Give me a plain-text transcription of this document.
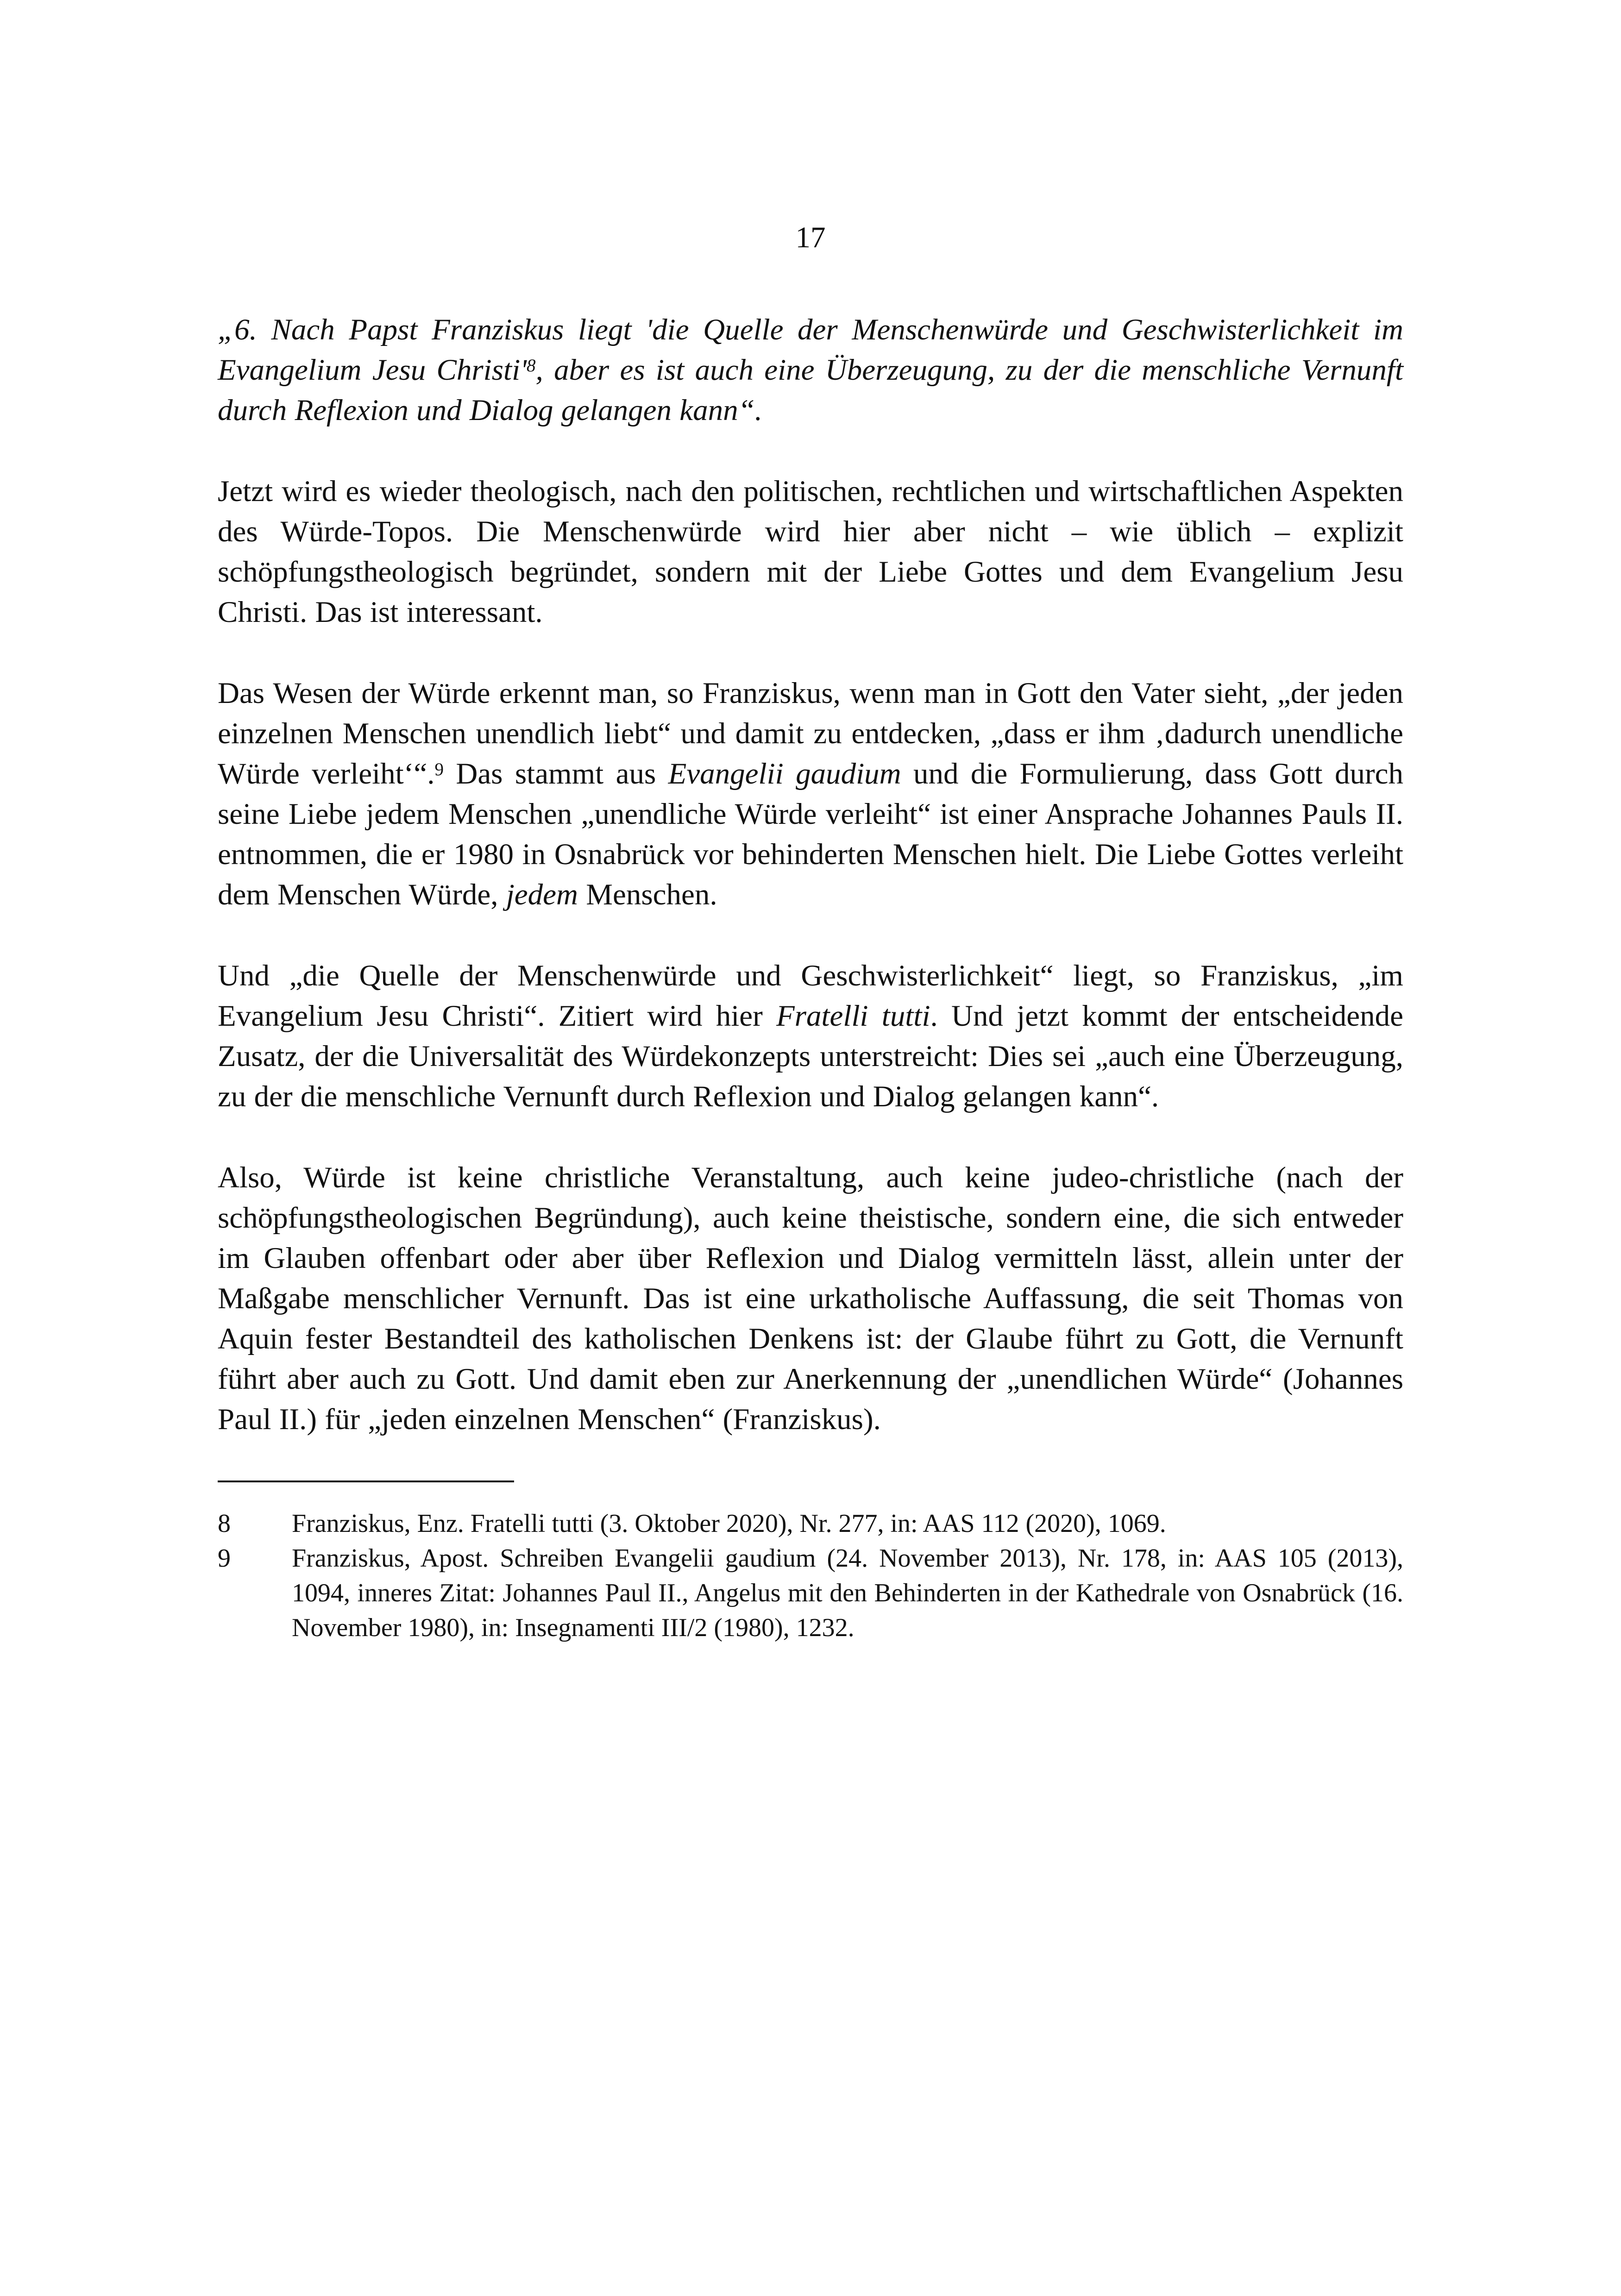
17

„6. Nach Papst Franziskus liegt 'die Quelle der Menschenwürde und Geschwisterlichkeit im Evangelium Jesu Christi'$^8$, aber es ist auch eine Überzeugung, zu der die menschliche Vernunft durch Reflexion und Dialog gelangen kann“.

Jetzt wird es wieder theologisch, nach den politischen, rechtlichen und wirtschaftlichen Aspekten des Würde-Topos. Die Menschenwürde wird hier aber nicht – wie üblich – explizit schöpfungstheologisch begründet, sondern mit der Liebe Gottes und dem Evangelium Jesu Christi. Das ist interessant.

Das Wesen der Würde erkennt man, so Franziskus, wenn man in Gott den Vater sieht, „der jeden einzelnen Menschen unendlich liebt“ und damit zu entdecken, „dass er ihm ‚dadurch unendliche Würde verleiht‘“.$^9$ Das stammt aus Evangelii gaudium und die Formulierung, dass Gott durch seine Liebe jedem Menschen „unendliche Würde verleiht“ ist einer Ansprache Johannes Pauls II. entnommen, die er 1980 in Osnabrück vor behinderten Menschen hielt. Die Liebe Gottes verleiht dem Menschen Würde, jedem Menschen.

Und „die Quelle der Menschenwürde und Geschwisterlichkeit“ liegt, so Franziskus, „im Evangelium Jesu Christi“. Zitiert wird hier Fratelli tutti. Und jetzt kommt der entscheidende Zusatz, der die Universalität des Würdekonzepts unterstreicht: Dies sei „auch eine Überzeugung, zu der die menschliche Vernunft durch Reflexion und Dialog gelangen kann“.

Also, Würde ist keine christliche Veranstaltung, auch keine judeo-christliche (nach der schöpfungstheologischen Begründung), auch keine theistische, sondern eine, die sich entweder im Glauben offenbart oder aber über Reflexion und Dialog vermitteln lässt, allein unter der Maßgabe menschlicher Vernunft. Das ist eine urkatholische Auffassung, die seit Thomas von Aquin fester Bestandteil des katholischen Denkens ist: der Glaube führt zu Gott, die Vernunft führt aber auch zu Gott. Und damit eben zur Anerkennung der „unendlichen Würde“ (Johannes Paul II.) für „jeden einzelnen Menschen“ (Franziskus).

8	Franziskus, Enz. Fratelli tutti (3. Oktober 2020), Nr. 277, in: AAS 112 (2020), 1069.
9	Franziskus, Apost. Schreiben Evangelii gaudium (24. November 2013), Nr. 178, in: AAS 105 (2013), 1094, inneres Zitat: Johannes Paul II., Angelus mit den Behinderten in der Kathedrale von Osnabrück (16. November 1980), in: Insegnamenti III/2 (1980), 1232.
